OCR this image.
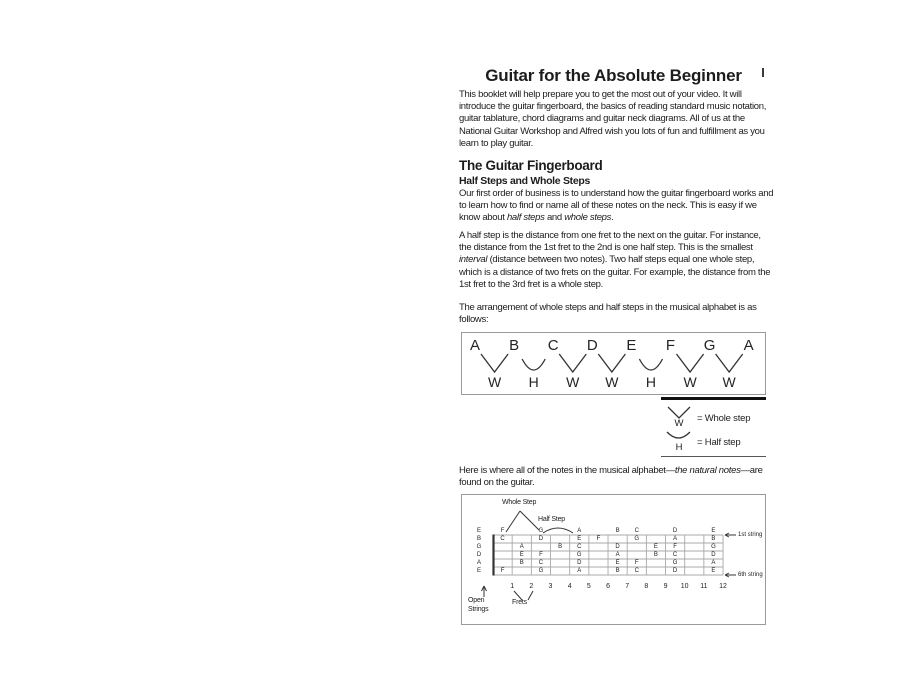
Guitar for the Absolute Beginner
This booklet will help prepare you to get the most out of your video. It will introduce the guitar fingerboard, the basics of reading standard music notation, guitar tablature, chord diagrams and guitar neck diagrams. All of us at the National Guitar Workshop and Alfred wish you lots of fun and fulfillment as you learn to play guitar.
The Guitar Fingerboard
Half Steps and Whole Steps
Our first order of business is to understand how the guitar fingerboard works and to learn how to find or name all of these notes on the neck. This is easy if we know about half steps and whole steps.
A half step is the distance from one fret to the next on the guitar. For instance, the distance from the 1st fret to the 2nd is one half step. This is the smallest interval (distance between two notes). Two half steps equal one whole step, which is a distance of two frets on the guitar. For example, the distance from the 1st fret to the 3rd fret is a whole step.
The arrangement of whole steps and half steps in the musical alphabet is as follows:
A	B	C	D	E	F	G	A
W	H	W	W	H	W	W
W = Whole step
H	= Half step
Here is where all of the notes in the musical alphabet—the natural notes—are found on the guitar.
Whole Step
Half Step
1st string
6th string
Open Strings
Frets
E	F	G	A	B	C	D	E
B	C	D	E	F	G	A	B
G	A	B	C	D	E	F	G
D	E	F	G	A	B	C	D
A	B	C	D	E	F	G	A
E	F	G	A	B	C	D	E
1	2	3	4	5	6	7	8	9	10	11	12
